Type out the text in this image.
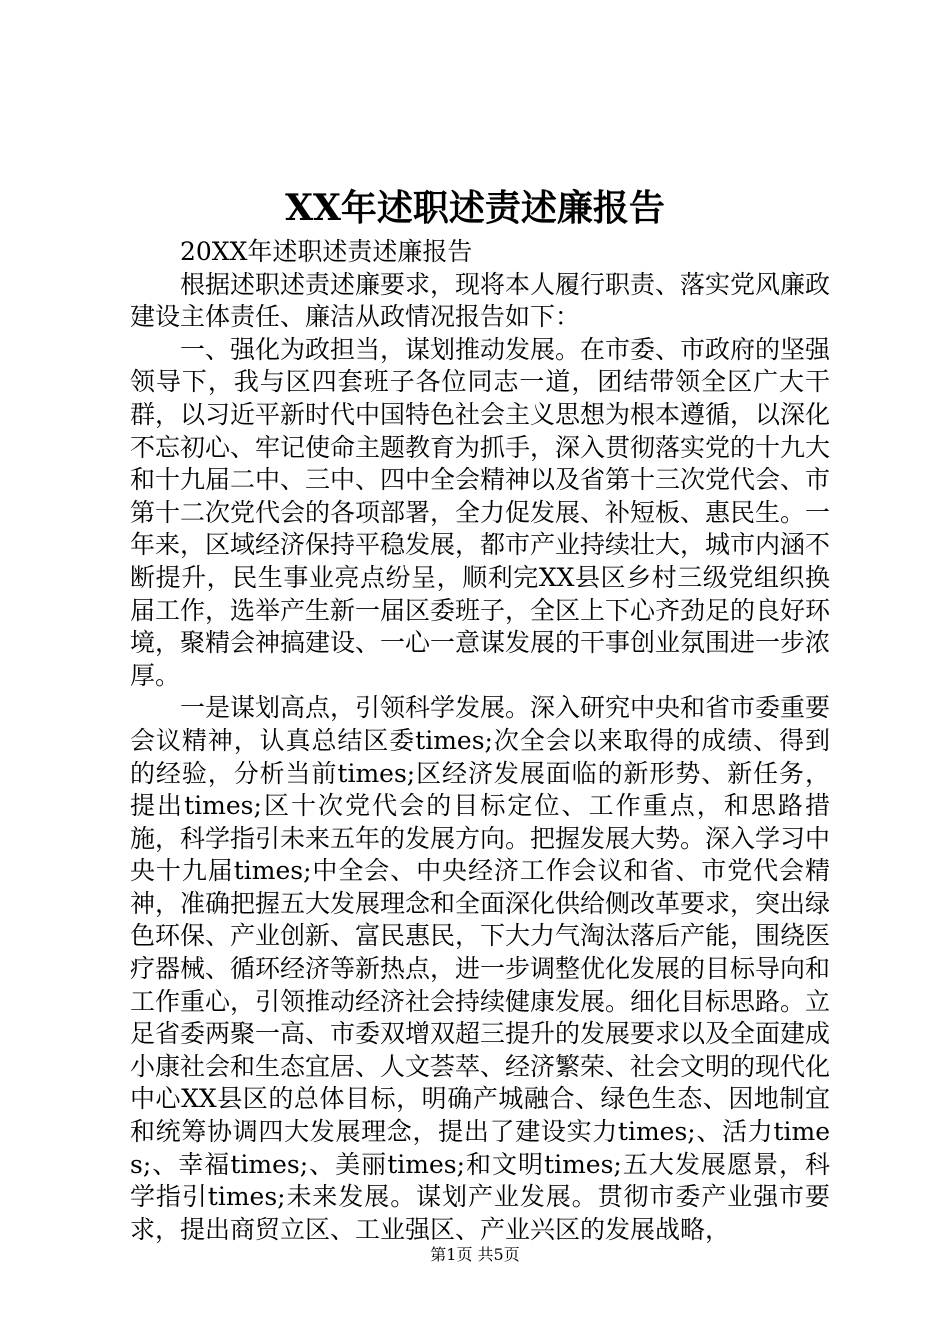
XX年述职述责述廉报告

20XX年述职述责述廉报告

根据述职述责述廉要求，现将本人履行职责、落实党风廉政建设主体责任、廉洁从政情况报告如下：

一、强化为政担当，谋划推动发展。在市委、市政府的坚强领导下，我与区四套班子各位同志一道，团结带领全区广大干群，以习近平新时代中国特色社会主义思想为根本遵循，以深化不忘初心、牢记使命主题教育为抓手，深入贯彻落实党的十九大和十九届二中、三中、四中全会精神以及省第十三次党代会、市第十二次党代会的各项部署，全力促发展、补短板、惠民生。一年来，区域经济保持平稳发展，都市产业持续壮大，城市内涵不断提升，民生事业亮点纷呈，顺利完XX县区乡村三级党组织换届工作，选举产生新一届区委班子，全区上下心齐劲足的良好环境，聚精会神搞建设、一心一意谋发展的干事创业氛围进一步浓厚。

一是谋划高点，引领科学发展。深入研究中央和省市委重要会议精神，认真总结区委times;次全会以来取得的成绩、得到的经验，分析当前times;区经济发展面临的新形势、新任务，提出times;区十次党代会的目标定位、工作重点，和思路措施，科学指引未来五年的发展方向。把握发展大势。深入学习中央十九届times;中全会、中央经济工作会议和省、市党代会精神，准确把握五大发展理念和全面深化供给侧改革要求，突出绿色环保、产业创新、富民惠民，下大力气淘汰落后产能，围绕医疗器械、循环经济等新热点，进一步调整优化发展的目标导向和工作重心，引领推动经济社会持续健康发展。细化目标思路。立足省委两聚一高、市委双增双超三提升的发展要求以及全面建成小康社会和生态宜居、人文荟萃、经济繁荣、社会文明的现代化中心XX县区的总体目标，明确产城融合、绿色生态、因地制宜和统筹协调四大发展理念，提出了建设实力times;、活力times;、幸福times;、美丽times;和文明times;五大发展愿景，科学指引times;未来发展。谋划产业发展。贯彻市委产业强市要求，提出商贸立区、工业强区、产业兴区的发展战略，

第1页 共5页
